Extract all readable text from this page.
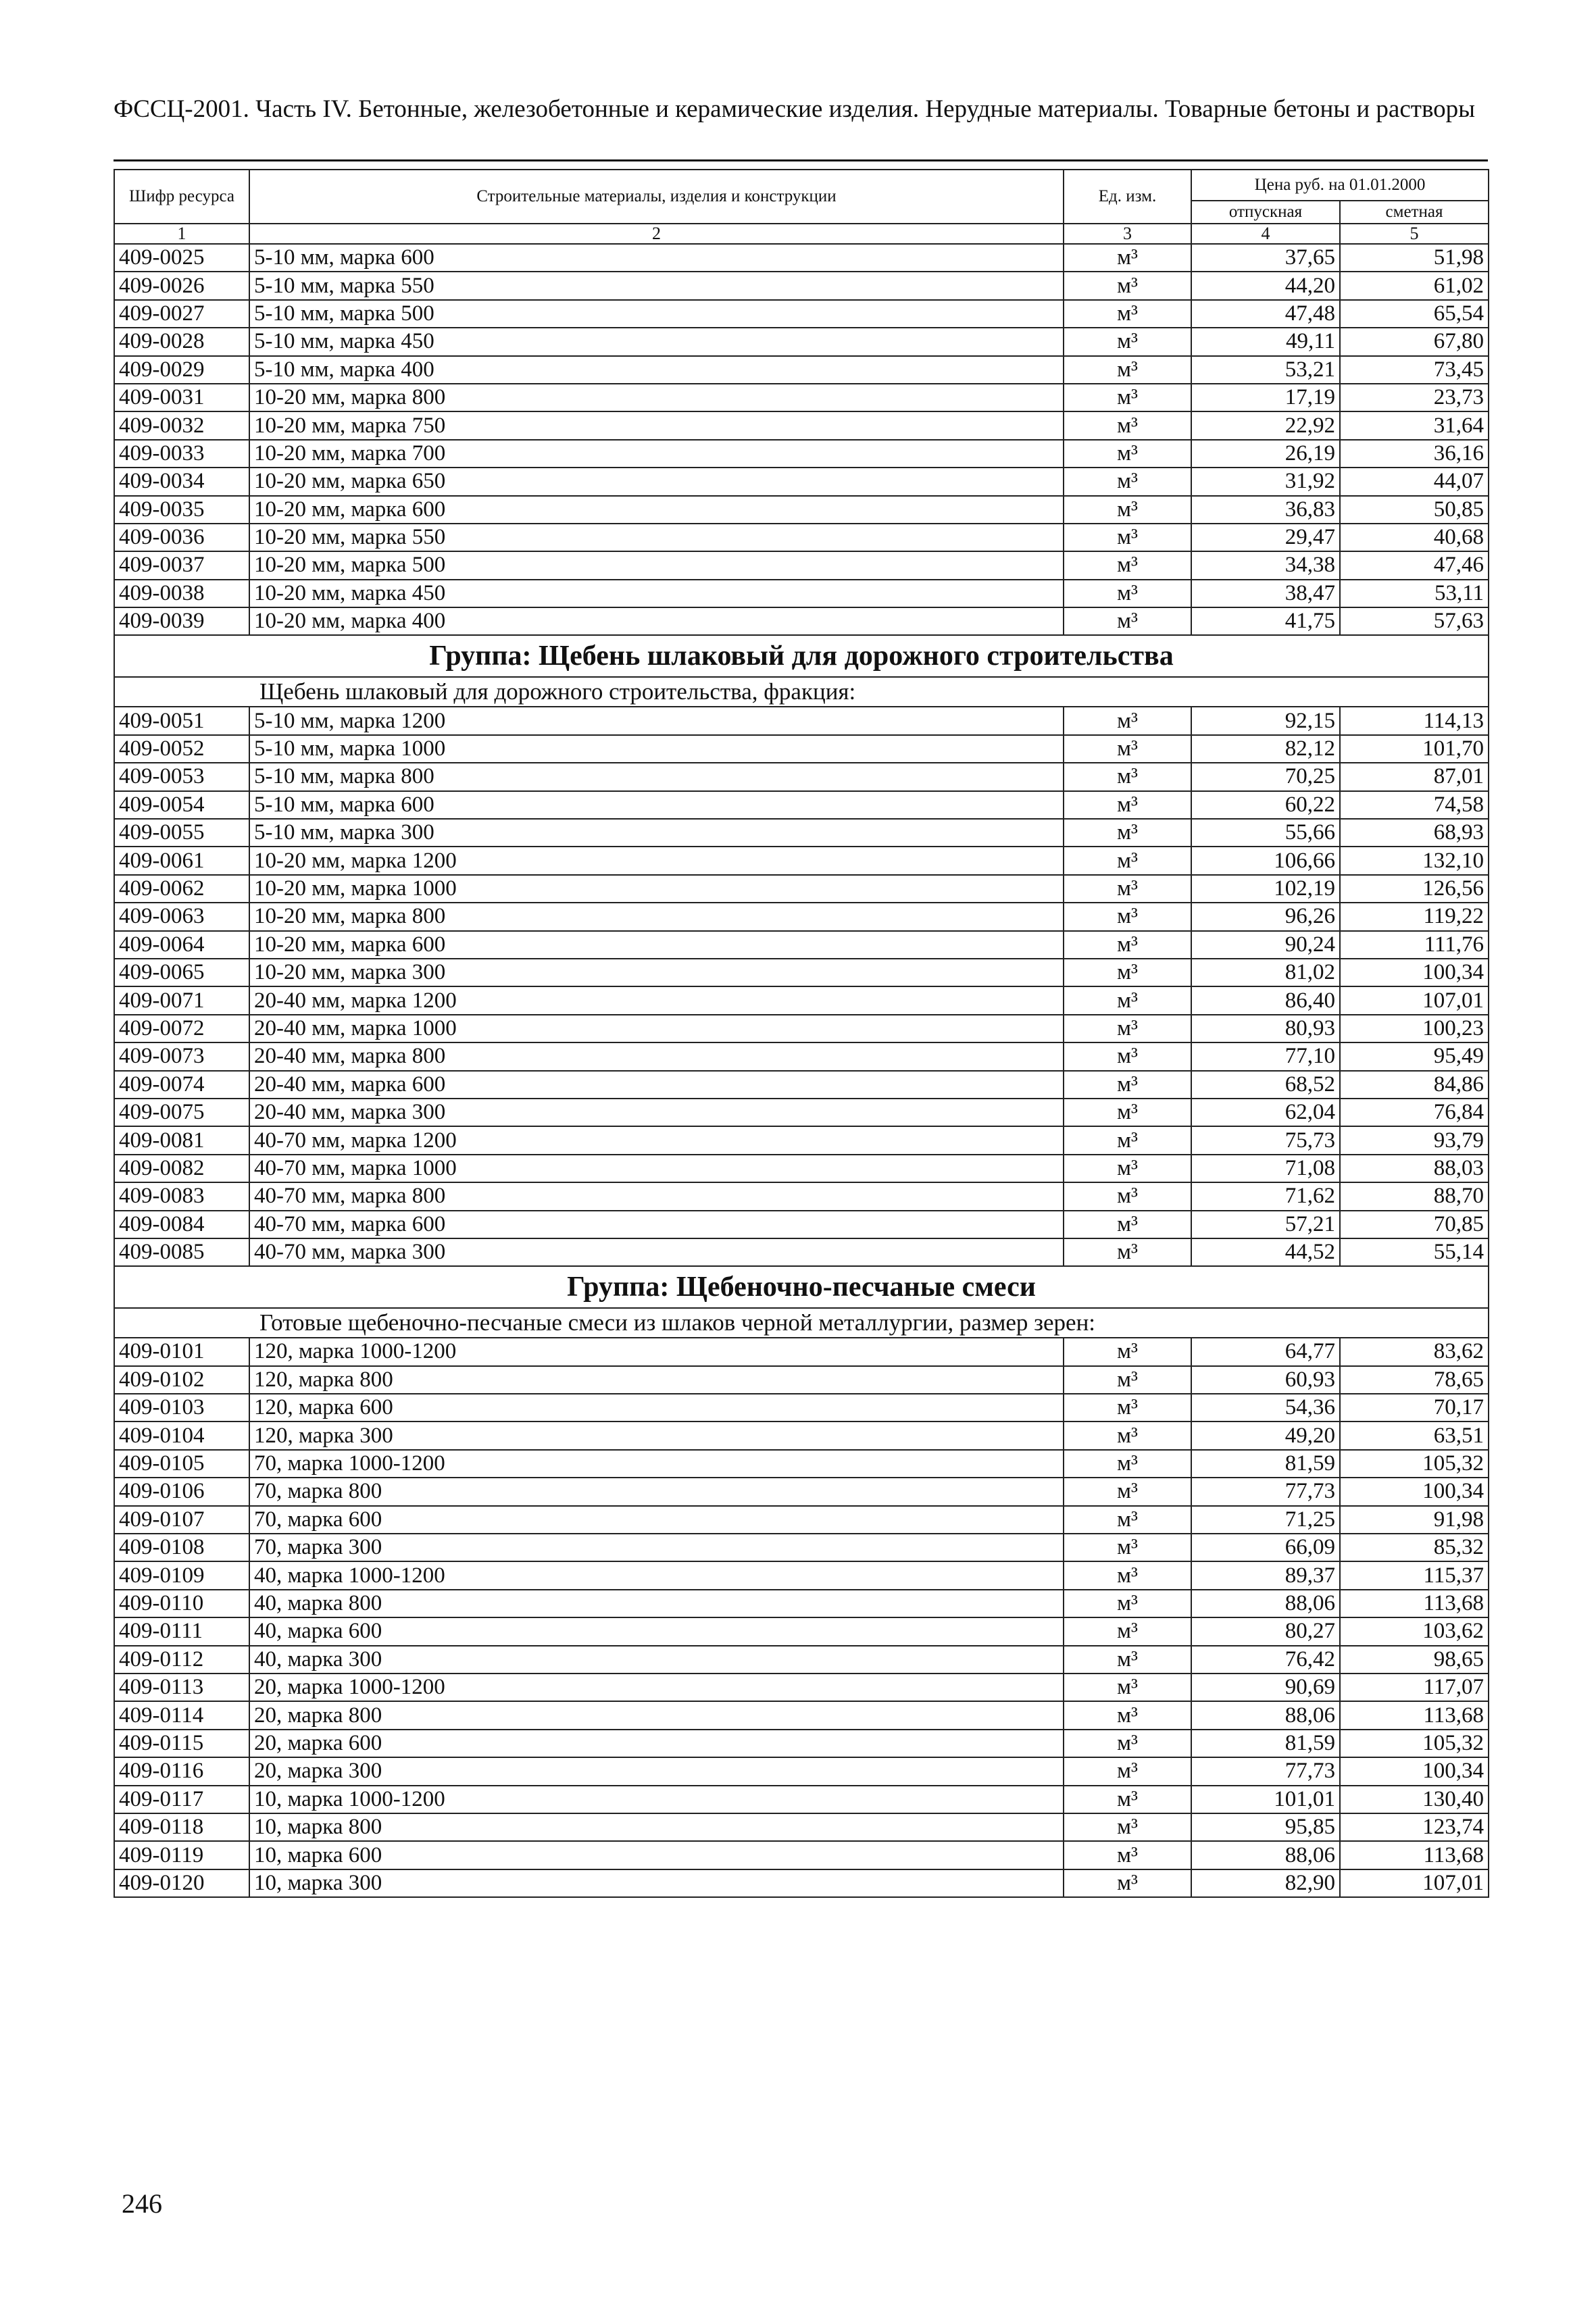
ФССЦ-2001. Часть IV. Бетонные, железобетонные и керамические изделия. Нерудные материалы. Товарные бетоны и растворы
Шифр ресурса	Строительные материалы, изделия и конструкции	Ед. изм.	Цена руб. на 01.01.2000	
			отпускная	сметная
1	2	3	4	5
409-0025	5-10 мм, марка 600	м³	37,65	51,98
409-0026	5-10 мм, марка 550	м³	44,20	61,02
409-0027	5-10 мм, марка 500	м³	47,48	65,54
409-0028	5-10 мм, марка 450	м³	49,11	67,80
409-0029	5-10 мм, марка 400	м³	53,21	73,45
409-0031	10-20 мм, марка 800	м³	17,19	23,73
409-0032	10-20 мм, марка 750	м³	22,92	31,64
409-0033	10-20 мм, марка 700	м³	26,19	36,16
409-0034	10-20 мм, марка 650	м³	31,92	44,07
409-0035	10-20 мм, марка 600	м³	36,83	50,85
409-0036	10-20 мм, марка 550	м³	29,47	40,68
409-0037	10-20 мм, марка 500	м³	34,38	47,46
409-0038	10-20 мм, марка 450	м³	38,47	53,11
409-0039	10-20 мм, марка 400	м³	41,75	57,63
Группа: Щебень шлаковый для дорожного строительства				
Щебень шлаковый для дорожного строительства, фракция:				
409-0051	5-10 мм, марка 1200	м³	92,15	114,13
409-0052	5-10 мм, марка 1000	м³	82,12	101,70
409-0053	5-10 мм, марка 800	м³	70,25	87,01
409-0054	5-10 мм, марка 600	м³	60,22	74,58
409-0055	5-10 мм, марка 300	м³	55,66	68,93
409-0061	10-20 мм, марка 1200	м³	106,66	132,10
409-0062	10-20 мм, марка 1000	м³	102,19	126,56
409-0063	10-20 мм, марка 800	м³	96,26	119,22
409-0064	10-20 мм, марка 600	м³	90,24	111,76
409-0065	10-20 мм, марка 300	м³	81,02	100,34
409-0071	20-40 мм, марка 1200	м³	86,40	107,01
409-0072	20-40 мм, марка 1000	м³	80,93	100,23
409-0073	20-40 мм, марка 800	м³	77,10	95,49
409-0074	20-40 мм, марка 600	м³	68,52	84,86
409-0075	20-40 мм, марка 300	м³	62,04	76,84
409-0081	40-70 мм, марка 1200	м³	75,73	93,79
409-0082	40-70 мм, марка 1000	м³	71,08	88,03
409-0083	40-70 мм, марка 800	м³	71,62	88,70
409-0084	40-70 мм, марка 600	м³	57,21	70,85
409-0085	40-70 мм, марка 300	м³	44,52	55,14
Группа: Щебеночно-песчаные смеси				
Готовые щебеночно-песчаные смеси из шлаков черной металлургии, размер зерен:				
409-0101	120, марка 1000-1200	м³	64,77	83,62
409-0102	120, марка 800	м³	60,93	78,65
409-0103	120, марка 600	м³	54,36	70,17
409-0104	120, марка 300	м³	49,20	63,51
409-0105	70, марка 1000-1200	м³	81,59	105,32
409-0106	70, марка 800	м³	77,73	100,34
409-0107	70, марка 600	м³	71,25	91,98
409-0108	70, марка 300	м³	66,09	85,32
409-0109	40, марка 1000-1200	м³	89,37	115,37
409-0110	40, марка 800	м³	88,06	113,68
409-0111	40, марка 600	м³	80,27	103,62
409-0112	40, марка 300	м³	76,42	98,65
409-0113	20, марка 1000-1200	м³	90,69	117,07
409-0114	20, марка 800	м³	88,06	113,68
409-0115	20, марка 600	м³	81,59	105,32
409-0116	20, марка 300	м³	77,73	100,34
409-0117	10, марка 1000-1200	м³	101,01	130,40
409-0118	10, марка 800	м³	95,85	123,74
409-0119	10, марка 600	м³	88,06	113,68
409-0120	10, марка 300	м³	82,90	107,01
246
